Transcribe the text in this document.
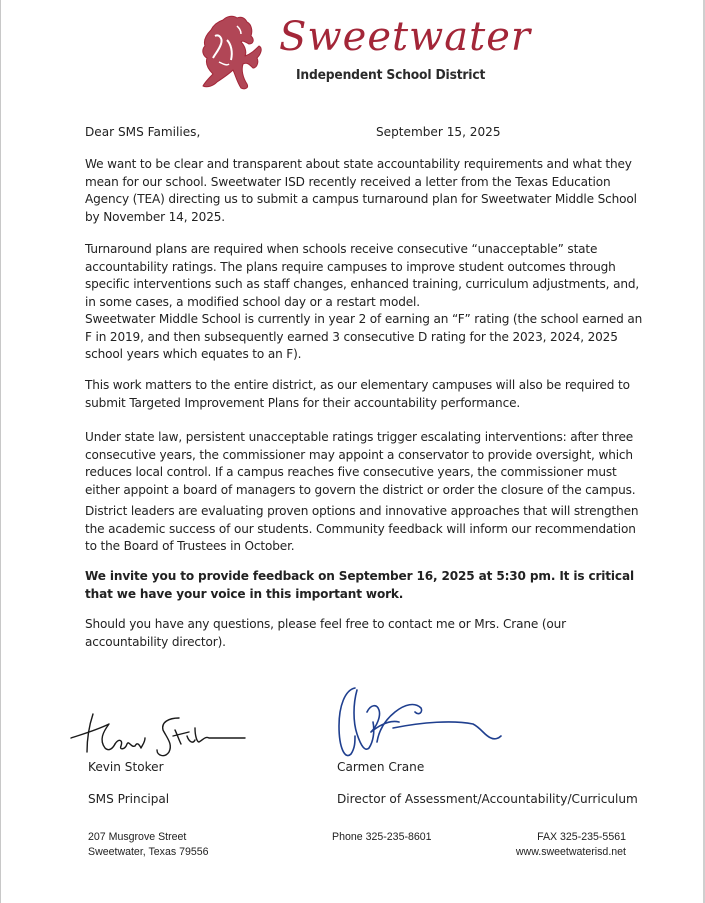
Sweetwater
Independent School District
Dear SMS Families,	September 15, 2025

We want to be clear and transparent about state accountability requirements and what they mean for our school. Sweetwater ISD recently received a letter from the Texas Education Agency (TEA) directing us to submit a campus turnaround plan for Sweetwater Middle School by November 14, 2025.

Turnaround plans are required when schools receive consecutive “unacceptable” state accountability ratings. The plans require campuses to improve student outcomes through specific interventions such as staff changes, enhanced training, curriculum adjustments, and, in some cases, a modified school day or a restart model.

Sweetwater Middle School is currently in year 2 of earning an “F” rating (the school earned an F in 2019, and then subsequently earned 3 consecutive D rating for the 2023, 2024, 2025 school years which equates to an F).

This work matters to the entire district, as our elementary campuses will also be required to submit Targeted Improvement Plans for their accountability performance.

Under state law, persistent unacceptable ratings trigger escalating interventions: after three consecutive years, the commissioner may appoint a conservator to provide oversight, which reduces local control. If a campus reaches five consecutive years, the commissioner must either appoint a board of managers to govern the district or order the closure of the campus.

District leaders are evaluating proven options and innovative approaches that will strengthen the academic success of our students. Community feedback will inform our recommendation to the Board of Trustees in October.

We invite you to provide feedback on September 16, 2025 at 5:30 pm. It is critical that we have your voice in this important work.

Should you have any questions, please feel free to contact me or Mrs. Crane (our accountability director).

Kevin Stoker
SMS Principal
Carmen Crane
Director of Assessment/Accountability/Curriculum
207 Musgrove Street
Sweetwater, Texas 79556
Phone 325-235-8601	FAX 325-235-5561
www.sweetwaterisd.net
